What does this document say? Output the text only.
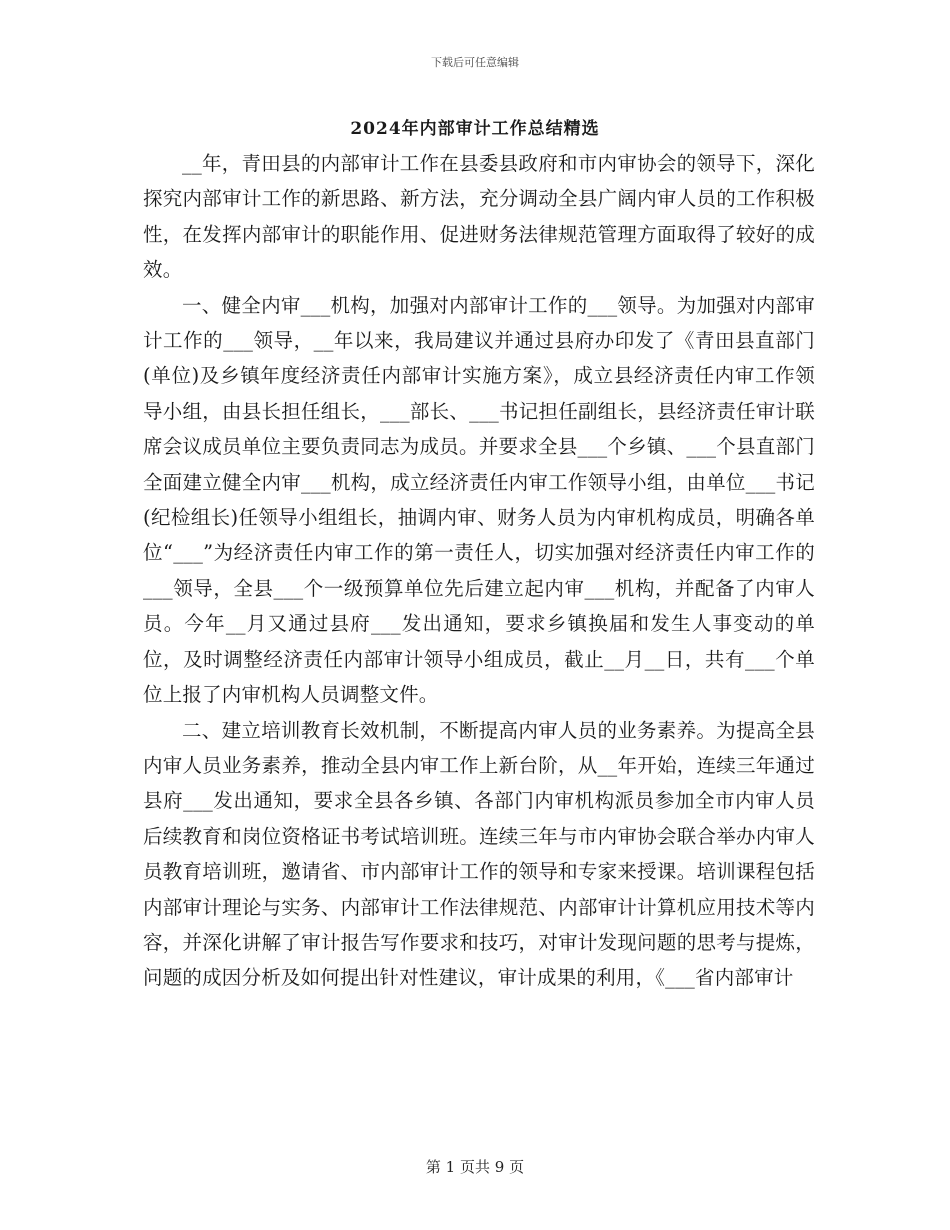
下载后可任意编辑
2024年内部审计工作总结精选

__年，青田县的内部审计工作在县委县政府和市内审协会的领导下，深化探究内部审计工作的新思路、新方法，充分调动全县广阔内审人员的工作积极性，在发挥内部审计的职能作用、促进财务法律规范管理方面取得了较好的成效。

一、健全内审___机构，加强对内部审计工作的___领导。为加强对内部审计工作的___领导，__年以来，我局建议并通过县府办印发了《青田县直部门(单位)及乡镇年度经济责任内部审计实施方案》，成立县经济责任内审工作领导小组，由县长担任组长，___部长、___书记担任副组长，县经济责任审计联席会议成员单位主要负责同志为成员。并要求全县___个乡镇、___个县直部门全面建立健全内审___机构，成立经济责任内审工作领导小组，由单位___书记(纪检组长)任领导小组组长，抽调内审、财务人员为内审机构成员，明确各单位“___”为经济责任内审工作的第一责任人，切实加强对经济责任内审工作的___领导，全县___个一级预算单位先后建立起内审___机构，并配备了内审人员。今年__月又通过县府___发出通知，要求乡镇换届和发生人事变动的单位，及时调整经济责任内部审计领导小组成员，截止__月__日，共有___个单位上报了内审机构人员调整文件。

二、建立培训教育长效机制，不断提高内审人员的业务素养。为提高全县内审人员业务素养，推动全县内审工作上新台阶，从__年开始，连续三年通过县府___发出通知，要求全县各乡镇、各部门内审机构派员参加全市内审人员后续教育和岗位资格证书考试培训班。连续三年与市内审协会联合举办内审人员教育培训班，邀请省、市内部审计工作的领导和专家来授课。培训课程包括内部审计理论与实务、内部审计工作法律规范、内部审计计算机应用技术等内容，并深化讲解了审计报告写作要求和技巧，对审计发现问题的思考与提炼，问题的成因分析及如何提出针对性建议，审计成果的利用，《___省内部审计

第 1 页共 9 页
